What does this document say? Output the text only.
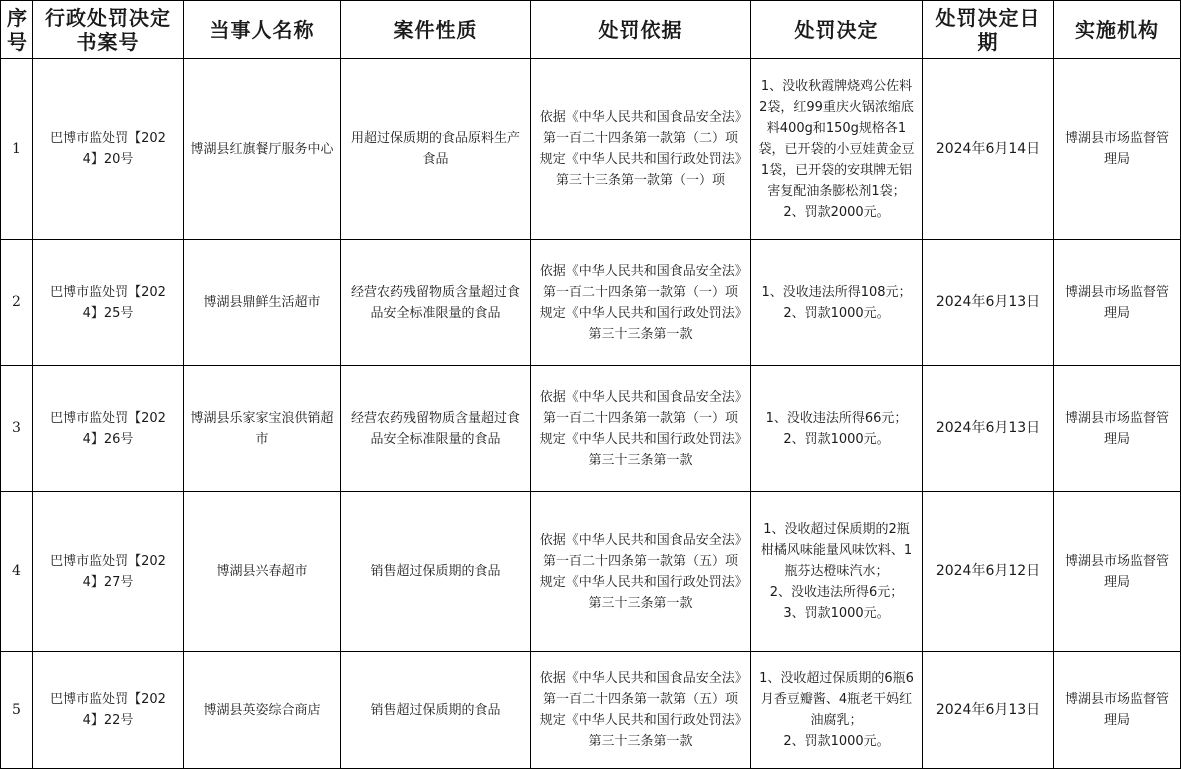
序号	行政处罚决定书案号	当事人名称	案件性质	处罚依据	处罚决定	处罚决定日期	实施机构
1	巴博市监处罚【2024】20号	博湖县红旗餐厅服务中心	用超过保质期的食品原料生产食品	依据《中华人民共和国食品安全法》第一百二十四条第一款第（二）项规定《中华人民共和国行政处罚法》第三十三条第一款第（一）项	1、没收秋霞牌烧鸡公佐料2袋，红99重庆火锅浓缩底料400g和150g规格各1袋，已开袋的小豆娃黄金豆1袋，已开袋的安琪牌无铝害复配油条膨松剂1袋；
2、罚款2000元。	2024年6月14日	博湖县市场监督管理局
2	巴博市监处罚【2024】25号	博湖县鼎鲜生活超市	经营农药残留物质含量超过食品安全标准限量的食品	依据《中华人民共和国食品安全法》第一百二十四条第一款第（一）项规定《中华人民共和国行政处罚法》第三十三条第一款	1、没收违法所得108元；
2、罚款1000元。	2024年6月13日	博湖县市场监督管理局
3	巴博市监处罚【2024】26号	博湖县乐家家宝浪供销超市	经营农药残留物质含量超过食品安全标准限量的食品	依据《中华人民共和国食品安全法》第一百二十四条第一款第（一）项规定《中华人民共和国行政处罚法》第三十三条第一款	1、没收违法所得66元；
2、罚款1000元。	2024年6月13日	博湖县市场监督管理局
4	巴博市监处罚【2024】27号	博湖县兴春超市	销售超过保质期的食品	依据《中华人民共和国食品安全法》第一百二十四条第一款第（五）项规定《中华人民共和国行政处罚法》第三十三条第一款	1、没收超过保质期的2瓶柑橘风味能量风味饮料、1瓶芬达橙味汽水；
2、没收违法所得6元；
3、罚款1000元。	2024年6月12日	博湖县市场监督管理局
5	巴博市监处罚【2024】22号	博湖县英姿综合商店	销售超过保质期的食品	依据《中华人民共和国食品安全法》第一百二十四条第一款第（五）项规定《中华人民共和国行政处罚法》第三十三条第一款	1、没收超过保质期的6瓶6月香豆瓣酱、4瓶老干妈红油腐乳；
2、罚款1000元。	2024年6月13日	博湖县市场监督管理局
